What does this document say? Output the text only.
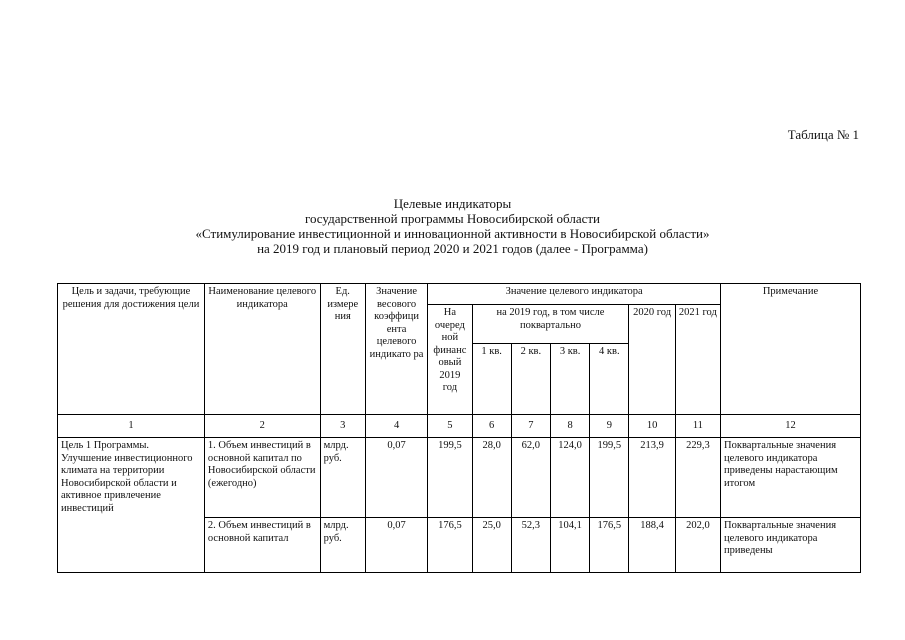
Таблица № 1
Целевые индикаторы
государственной программы Новосибирской области
«Стимулирование инвестиционной и инновационной активности в Новосибирской области»
на 2019 год и плановый период 2020 и 2021 годов (далее - Программа)
Цель и задачи, требующие решения для достижения цели	Наименование целевого индикатора	Ед. измере ния	Значение весового коэффици ента целевого индикато ра	Значение целевого индикатора							Примечание
				На очеред ной финанс овый 2019 год	на 2019 год, в том числе поквартально				2020 год	2021 год	
					1 кв.	2 кв.	3 кв.	4 кв.			
1	2	3	4	5	6	7	8	9	10	11	12
Цель 1 Программы. Улучшение инвестиционного климата на территории Новосибирской области и активное привлечение инвестиций	1. Объем инвестиций в основной капитал по Новосибирской области (ежегодно)	млрд. руб.	0,07	199,5	28,0	62,0	124,0	199,5	213,9	229,3	Поквартальные значения целевого индикатора приведены нарастающим итогом
	2. Объем инвестиций в основной капитал	млрд. руб.	0,07	176,5	25,0	52,3	104,1	176,5	188,4	202,0	Поквартальные значения целевого индикатора приведены
